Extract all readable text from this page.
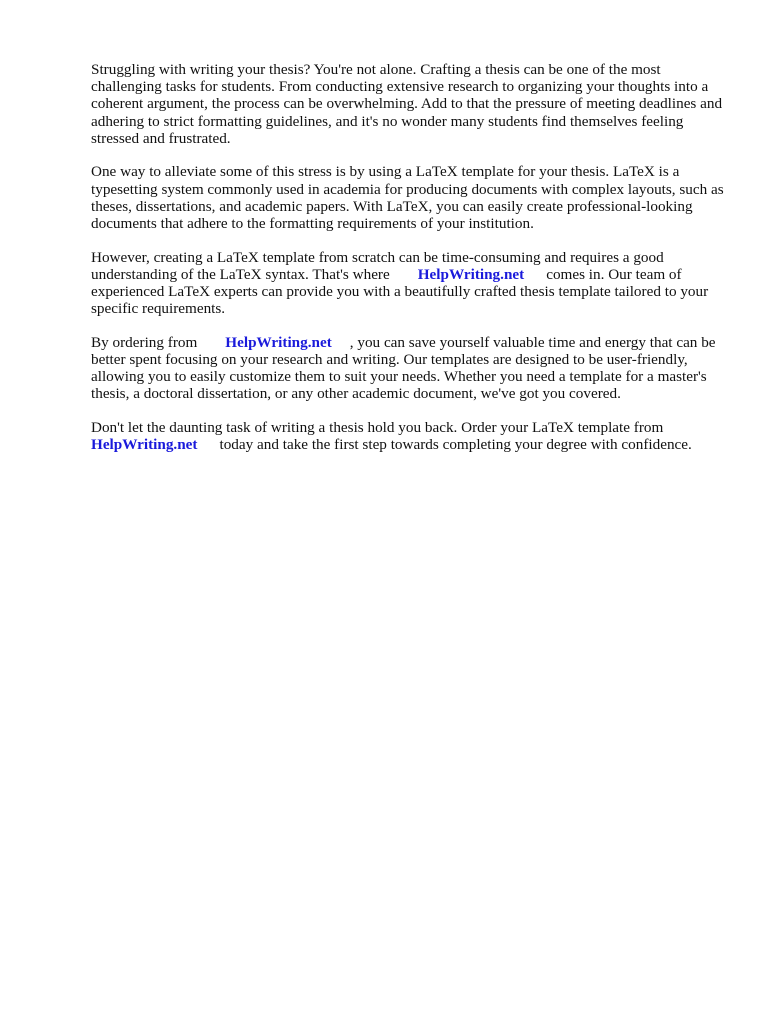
Struggling with writing your thesis? You're not alone. Crafting a thesis can be one of the most challenging tasks for students. From conducting extensive research to organizing your thoughts into a coherent argument, the process can be overwhelming. Add to that the pressure of meeting deadlines and adhering to strict formatting guidelines, and it's no wonder many students find themselves feeling stressed and frustrated.

One way to alleviate some of this stress is by using a LaTeX template for your thesis. LaTeX is a typesetting system commonly used in academia for producing documents with complex layouts, such as theses, dissertations, and academic papers. With LaTeX, you can easily create professional-looking documents that adhere to the formatting requirements of your institution.

However, creating a LaTeX template from scratch can be time-consuming and requires a good understanding of the LaTeX syntax. That's where HelpWriting.net comes in. Our team of experienced LaTeX experts can provide you with a beautifully crafted thesis template tailored to your specific requirements.

By ordering from HelpWriting.net , you can save yourself valuable time and energy that can be better spent focusing on your research and writing. Our templates are designed to be user-friendly, allowing you to easily customize them to suit your needs. Whether you need a template for a master's thesis, a doctoral dissertation, or any other academic document, we've got you covered.

Don't let the daunting task of writing a thesis hold you back. Order your LaTeX template from HelpWriting.net today and take the first step towards completing your degree with confidence.
